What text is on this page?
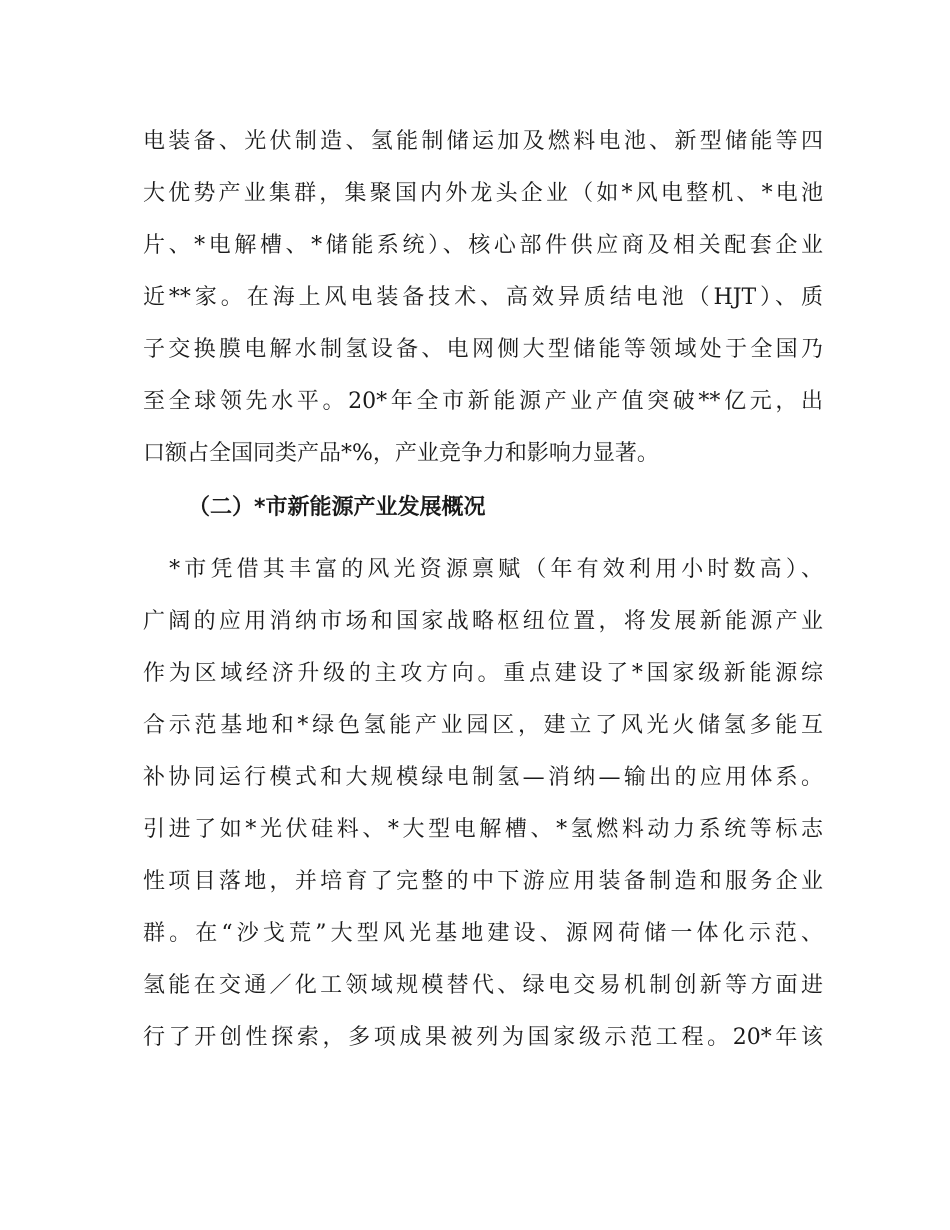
电装备、光伏制造、氢能制储运加及燃料电池、新型储能等四
大优势产业集群，集聚国内外龙头企业（如*风电整机、*电池
片、*电解槽、*储能系统）、核心部件供应商及相关配套企业
近**家。在海上风电装备技术、高效异质结电池（HJT）、质
子交换膜电解水制氢设备、电网侧大型储能等领域处于全国乃
至全球领先水平。20*年全市新能源产业产值突破**亿元，出
口额占全国同类产品*%，产业竞争力和影响力显著。
（二）*市新能源产业发展概况
　*市凭借其丰富的风光资源禀赋（年有效利用小时数高）、
广阔的应用消纳市场和国家战略枢纽位置，将发展新能源产业
作为区域经济升级的主攻方向。重点建设了*国家级新能源综
合示范基地和*绿色氢能产业园区，建立了风光火储氢多能互
补协同运行模式和大规模绿电制氢—消纳—输出的应用体系。
引进了如*光伏硅料、*大型电解槽、*氢燃料动力系统等标志
性项目落地，并培育了完整的中下游应用装备制造和服务企业
群。在“沙戈荒”大型风光基地建设、源网荷储一体化示范、
氢能在交通／化工领域规模替代、绿电交易机制创新等方面进
行了开创性探索，多项成果被列为国家级示范工程。20*年该
